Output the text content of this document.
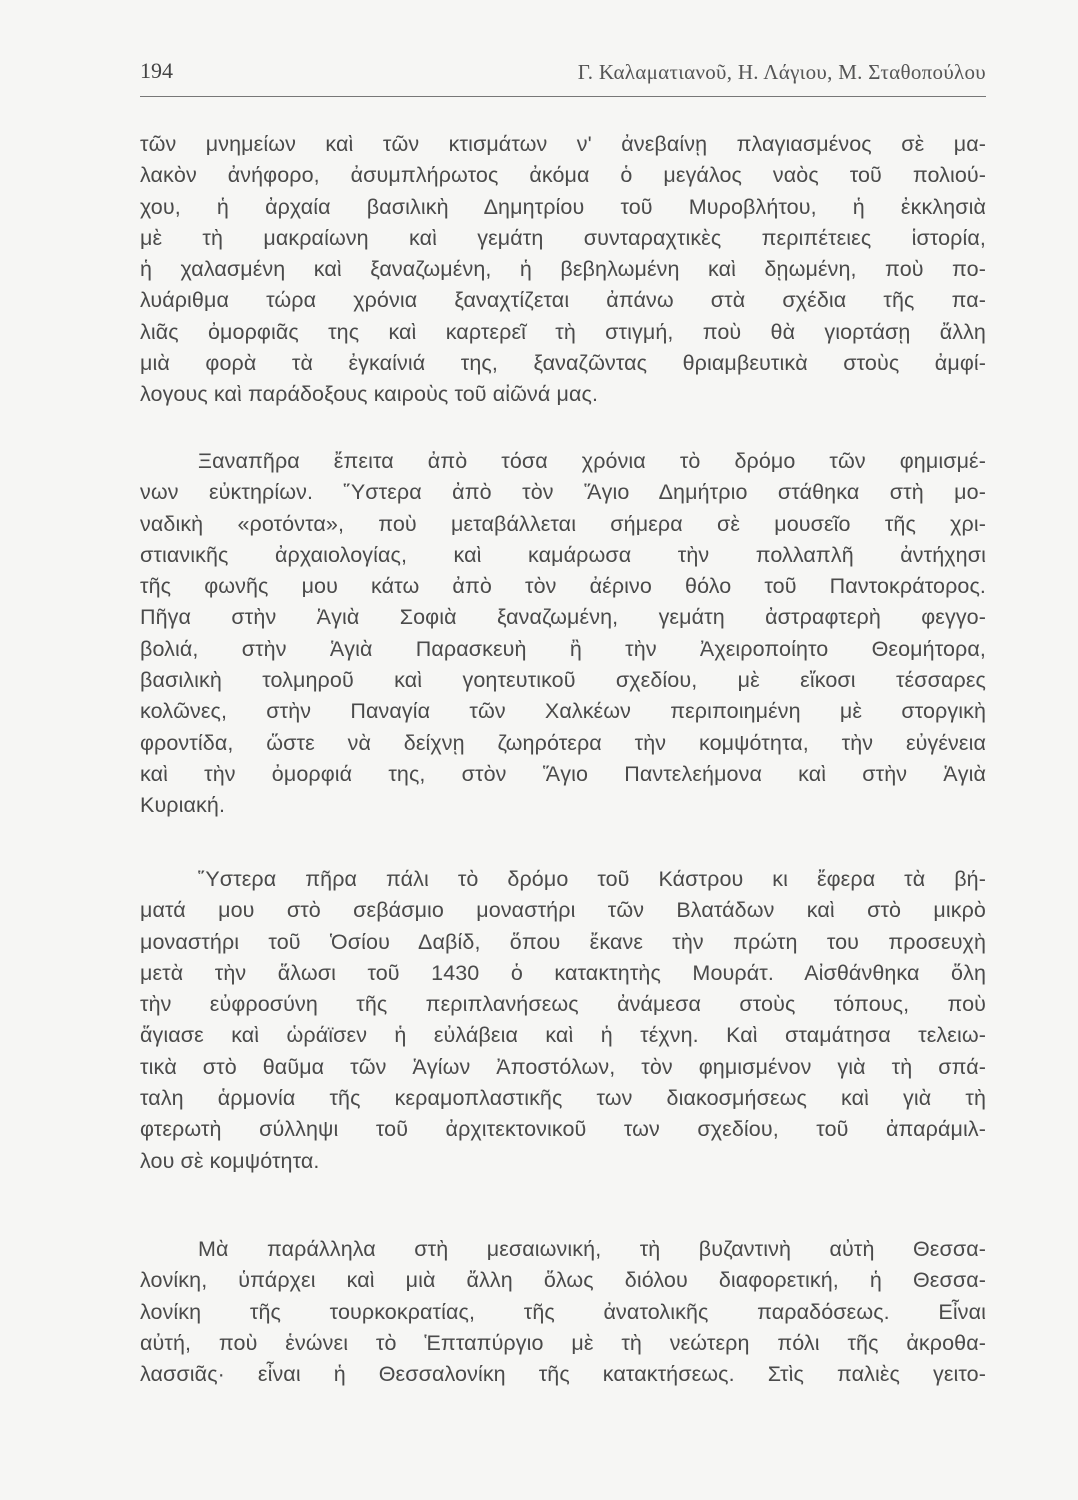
194	Γ. Καλαματιανοῦ, Η. Λάγιου, Μ. Σταθοπούλου
τῶν μνημείων καὶ τῶν κτισμάτων ν' ἀνεβαίνῃ πλαγιασμένος σὲ μα-
λακὸν ἀνήφορο, ἀσυμπλήρωτος ἀκόμα ὁ μεγάλος ναὸς τοῦ πολιού-
χου, ἡ ἀρχαία βασιλικὴ Δημητρίου τοῦ Μυροβλήτου, ἡ ἐκκλησιὰ
μὲ τὴ μακραίωνη καὶ γεμάτη συνταραχτικὲς περιπέτειες ἱστορία,
ἡ χαλασμένη καὶ ξαναζωμένη, ἡ βεβηλωμένη καὶ δῃωμένη, ποὺ πο-
λυάριθμα τώρα χρόνια ξαναχτίζεται ἀπάνω στὰ σχέδια τῆς πα-
λιᾶς ὀμορφιᾶς της καὶ καρτερεῖ τὴ στιγμή, ποὺ θὰ γιορτάσῃ ἄλλη
μιὰ φορὰ τὰ ἐγκαίνιά της, ξαναζῶντας θριαμβευτικὰ στοὺς ἀμφί-
λογους καὶ παράδοξους καιροὺς τοῦ αἰῶνά μας.
Ξαναπῆρα ἔπειτα ἀπὸ τόσα χρόνια τὸ δρόμο τῶν φημισμέ-
νων εὐκτηρίων. Ὕστερα ἀπὸ τὸν Ἅγιο Δημήτριο στάθηκα στὴ μο-
ναδικὴ «ροτόντα», ποὺ μεταβάλλεται σήμερα σὲ μουσεῖο τῆς χρι-
στιανικῆς ἀρχαιολογίας, καὶ καμάρωσα τὴν πολλαπλῆ ἀντήχησι
τῆς φωνῆς μου κάτω ἀπὸ τὸν ἀέρινο θόλο τοῦ Παντοκράτορος.
Πῆγα στὴν Ἁγιὰ Σοφιὰ ξαναζωμένη, γεμάτη ἀστραφτερὴ φεγγο-
βολιά, στὴν Ἁγιὰ Παρασκευὴ ἢ τὴν Ἀχειροποίητο Θεομήτορα,
βασιλικὴ τολμηροῦ καὶ γοητευτικοῦ σχεδίου, μὲ εἴκοσι τέσσαρες
κολῶνες, στὴν Παναγία τῶν Χαλκέων περιποιημένη μὲ στοργικὴ
φροντίδα, ὥστε νὰ δείχνῃ ζωηρότερα τὴν κομψότητα, τὴν εὐγένεια
καὶ τὴν ὀμορφιά της, στὸν Ἅγιο Παντελεήμονα καὶ στὴν Ἁγιὰ
Κυριακή.
Ὕστερα πῆρα πάλι τὸ δρόμο τοῦ Κάστρου κι ἔφερα τὰ βή-
ματά μου στὸ σεβάσμιο μοναστήρι τῶν Βλατάδων καὶ στὸ μικρὸ
μοναστήρι τοῦ Ὁσίου Δαβίδ, ὅπου ἔκανε τὴν πρώτη του προσευχὴ
μετὰ τὴν ἅλωσι τοῦ 1430 ὁ κατακτητὴς Μουράτ. Αἰσθάνθηκα ὅλη
τὴν εὐφροσύνη τῆς περιπλανήσεως ἀνάμεσα στοὺς τόπους, ποὺ
ἅγιασε καὶ ὡράϊσεν ἡ εὐλάβεια καὶ ἡ τέχνη. Καὶ σταμάτησα τελειω-
τικὰ στὸ θαῦμα τῶν Ἁγίων Ἀποστόλων, τὸν φημισμένον γιὰ τὴ σπά-
ταλη ἁρμονία τῆς κεραμοπλαστικῆς των διακοσμήσεως καὶ γιὰ τὴ
φτερωτὴ σύλληψι τοῦ ἀρχιτεκτονικοῦ των σχεδίου, τοῦ ἀπαράμιλ-
λου σὲ κομψότητα.
Μὰ παράλληλα στὴ μεσαιωνική, τὴ βυζαντινὴ αὐτὴ Θεσσα-
λονίκη, ὑπάρχει καὶ μιὰ ἄλλη ὅλως διόλου διαφορετική, ἡ Θεσσα-
λονίκη τῆς τουρκοκρατίας, τῆς ἀνατολικῆς παραδόσεως. Εἶναι
αὐτή, ποὺ ἑνώνει τὸ Ἑπταπύργιο μὲ τὴ νεώτερη πόλι τῆς ἀκροθα-
λασσιᾶς· εἶναι ἡ Θεσσαλονίκη τῆς κατακτήσεως. Στὶς παλιὲς γειτο-
